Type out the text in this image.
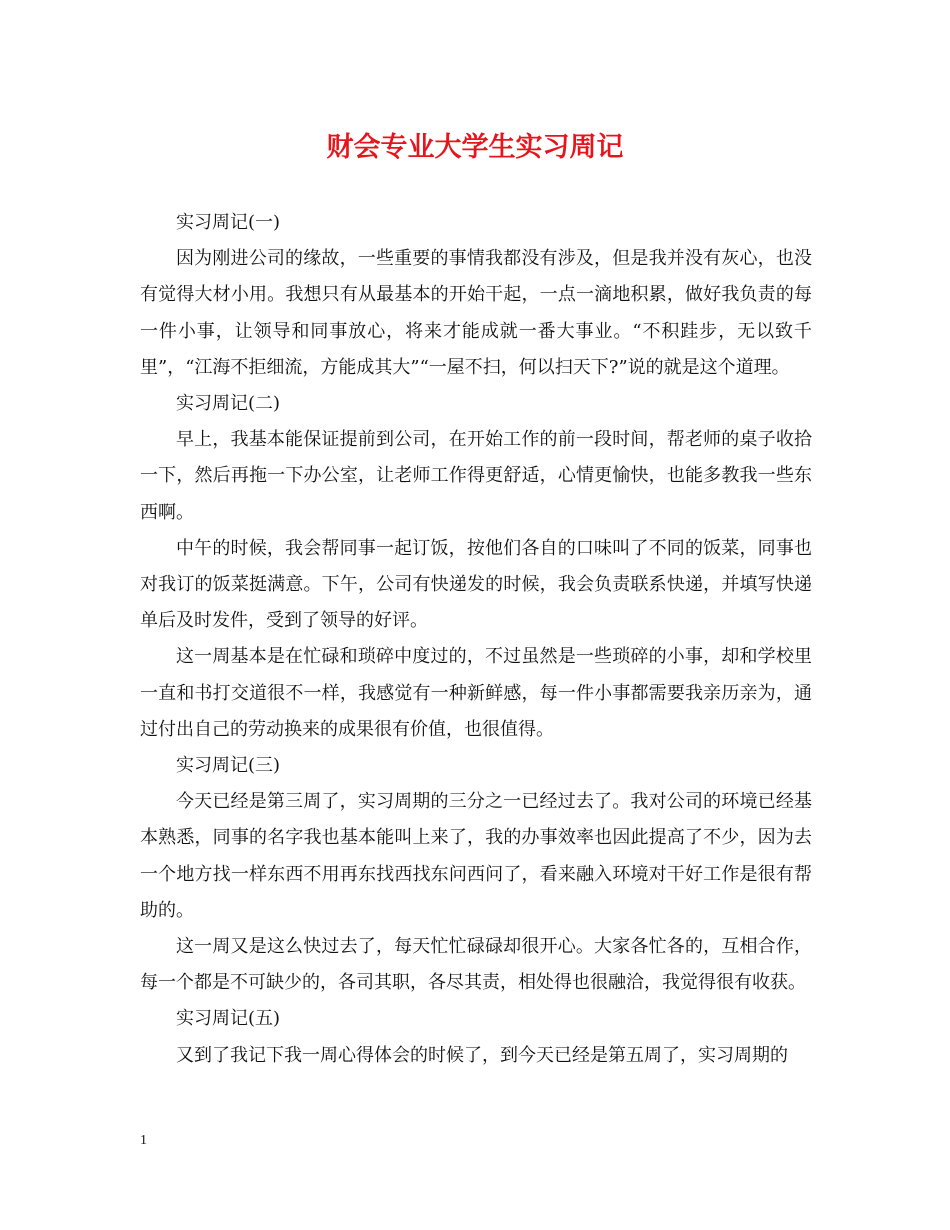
财会专业大学生实习周记

实习周记(一)

因为刚进公司的缘故，一些重要的事情我都没有涉及，但是我并没有灰心，也没有觉得大材小用。我想只有从最基本的开始干起，一点一滴地积累，做好我负责的每一件小事，让领导和同事放心，将来才能成就一番大事业。“不积跬步，无以致千里”，“江海不拒细流，方能成其大”“一屋不扫，何以扫天下?”说的就是这个道理。

实习周记(二)

早上，我基本能保证提前到公司，在开始工作的前一段时间，帮老师的桌子收拾一下，然后再拖一下办公室，让老师工作得更舒适，心情更愉快，也能多教我一些东西啊。

中午的时候，我会帮同事一起订饭，按他们各自的口味叫了不同的饭菜，同事也对我订的饭菜挺满意。下午，公司有快递发的时候，我会负责联系快递，并填写快递单后及时发件，受到了领导的好评。

这一周基本是在忙碌和琐碎中度过的，不过虽然是一些琐碎的小事，却和学校里一直和书打交道很不一样，我感觉有一种新鲜感，每一件小事都需要我亲历亲为，通过付出自己的劳动换来的成果很有价值，也很值得。

实习周记(三)

今天已经是第三周了，实习周期的三分之一已经过去了。我对公司的环境已经基本熟悉，同事的名字我也基本能叫上来了，我的办事效率也因此提高了不少，因为去一个地方找一样东西不用再东找西找东问西问了，看来融入环境对干好工作是很有帮助的。

这一周又是这么快过去了，每天忙忙碌碌却很开心。大家各忙各的，互相合作，每一个都是不可缺少的，各司其职，各尽其责，相处得也很融洽，我觉得很有收获。

实习周记(五)

又到了我记下我一周心得体会的时候了，到今天已经是第五周了，实习周期的

1
